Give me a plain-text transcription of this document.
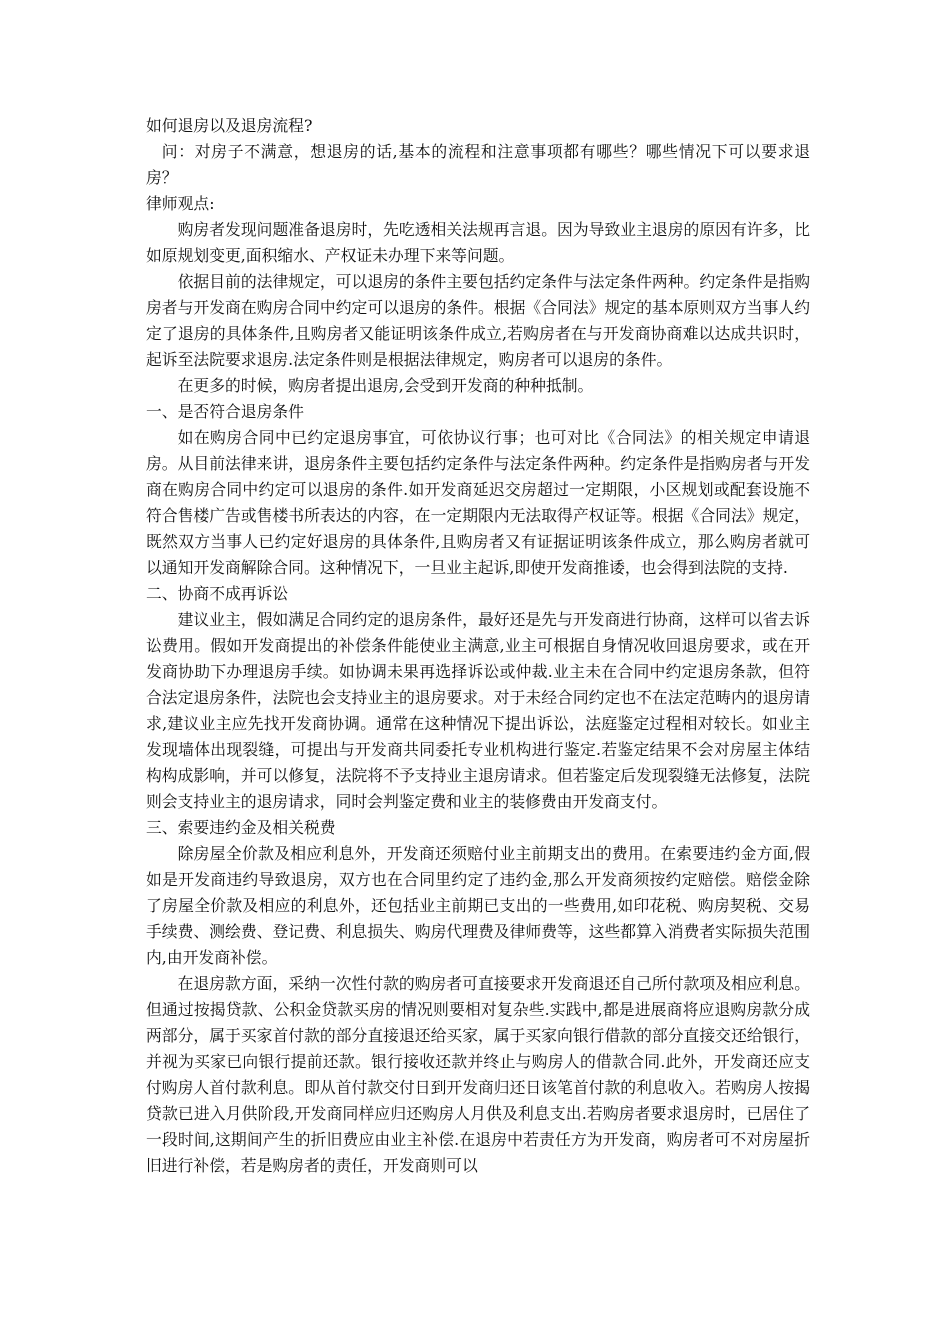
如何退房以及退房流程?

问：对房子不满意，想退房的话,基本的流程和注意事项都有哪些？哪些情况下可以要求退房？

律师观点:

购房者发现问题准备退房时，先吃透相关法规再言退。因为导致业主退房的原因有许多，比如原规划变更,面积缩水、产权证未办理下来等问题。

依据目前的法律规定，可以退房的条件主要包括约定条件与法定条件两种。约定条件是指购房者与开发商在购房合同中约定可以退房的条件。根据《合同法》规定的基本原则双方当事人约定了退房的具体条件,且购房者又能证明该条件成立,若购房者在与开发商协商难以达成共识时，起诉至法院要求退房.法定条件则是根据法律规定，购房者可以退房的条件。

在更多的时候，购房者提出退房,会受到开发商的种种抵制。

一、是否符合退房条件

如在购房合同中已约定退房事宜，可依协议行事；也可对比《合同法》的相关规定申请退房。从目前法律来讲，退房条件主要包括约定条件与法定条件两种。约定条件是指购房者与开发商在购房合同中约定可以退房的条件.如开发商延迟交房超过一定期限，小区规划或配套设施不符合售楼广告或售楼书所表达的内容，在一定期限内无法取得产权证等。根据《合同法》规定，既然双方当事人已约定好退房的具体条件,且购房者又有证据证明该条件成立，那么购房者就可以通知开发商解除合同。这种情况下，一旦业主起诉,即使开发商推诿，也会得到法院的支持.

二、协商不成再诉讼

建议业主，假如满足合同约定的退房条件，最好还是先与开发商进行协商，这样可以省去诉讼费用。假如开发商提出的补偿条件能使业主满意,业主可根据自身情况收回退房要求，或在开发商协助下办理退房手续。如协调未果再选择诉讼或仲裁.业主未在合同中约定退房条款，但符合法定退房条件，法院也会支持业主的退房要求。对于未经合同约定也不在法定范畴内的退房请求,建议业主应先找开发商协调。通常在这种情况下提出诉讼，法庭鉴定过程相对较长。如业主发现墙体出现裂缝，可提出与开发商共同委托专业机构进行鉴定.若鉴定结果不会对房屋主体结构构成影响，并可以修复，法院将不予支持业主退房请求。但若鉴定后发现裂缝无法修复，法院则会支持业主的退房请求，同时会判鉴定费和业主的装修费由开发商支付。

三、索要违约金及相关税费

除房屋全价款及相应利息外，开发商还须赔付业主前期支出的费用。在索要违约金方面,假如是开发商违约导致退房，双方也在合同里约定了违约金,那么开发商须按约定赔偿。赔偿金除了房屋全价款及相应的利息外，还包括业主前期已支出的一些费用,如印花税、购房契税、交易手续费、测绘费、登记费、利息损失、购房代理费及律师费等，这些都算入消费者实际损失范围内,由开发商补偿。

在退房款方面，采纳一次性付款的购房者可直接要求开发商退还自己所付款项及相应利息。但通过按揭贷款、公积金贷款买房的情况则要相对复杂些.实践中,都是进展商将应退购房款分成两部分，属于买家首付款的部分直接退还给买家，属于买家向银行借款的部分直接交还给银行，并视为买家已向银行提前还款。银行接收还款并终止与购房人的借款合同.此外，开发商还应支付购房人首付款利息。即从首付款交付日到开发商归还日该笔首付款的利息收入。若购房人按揭贷款已进入月供阶段,开发商同样应归还购房人月供及利息支出.若购房者要求退房时，已居住了一段时间,这期间产生的折旧费应由业主补偿.在退房中若责任方为开发商，购房者可不对房屋折旧进行补偿，若是购房者的责任，开发商则可以
